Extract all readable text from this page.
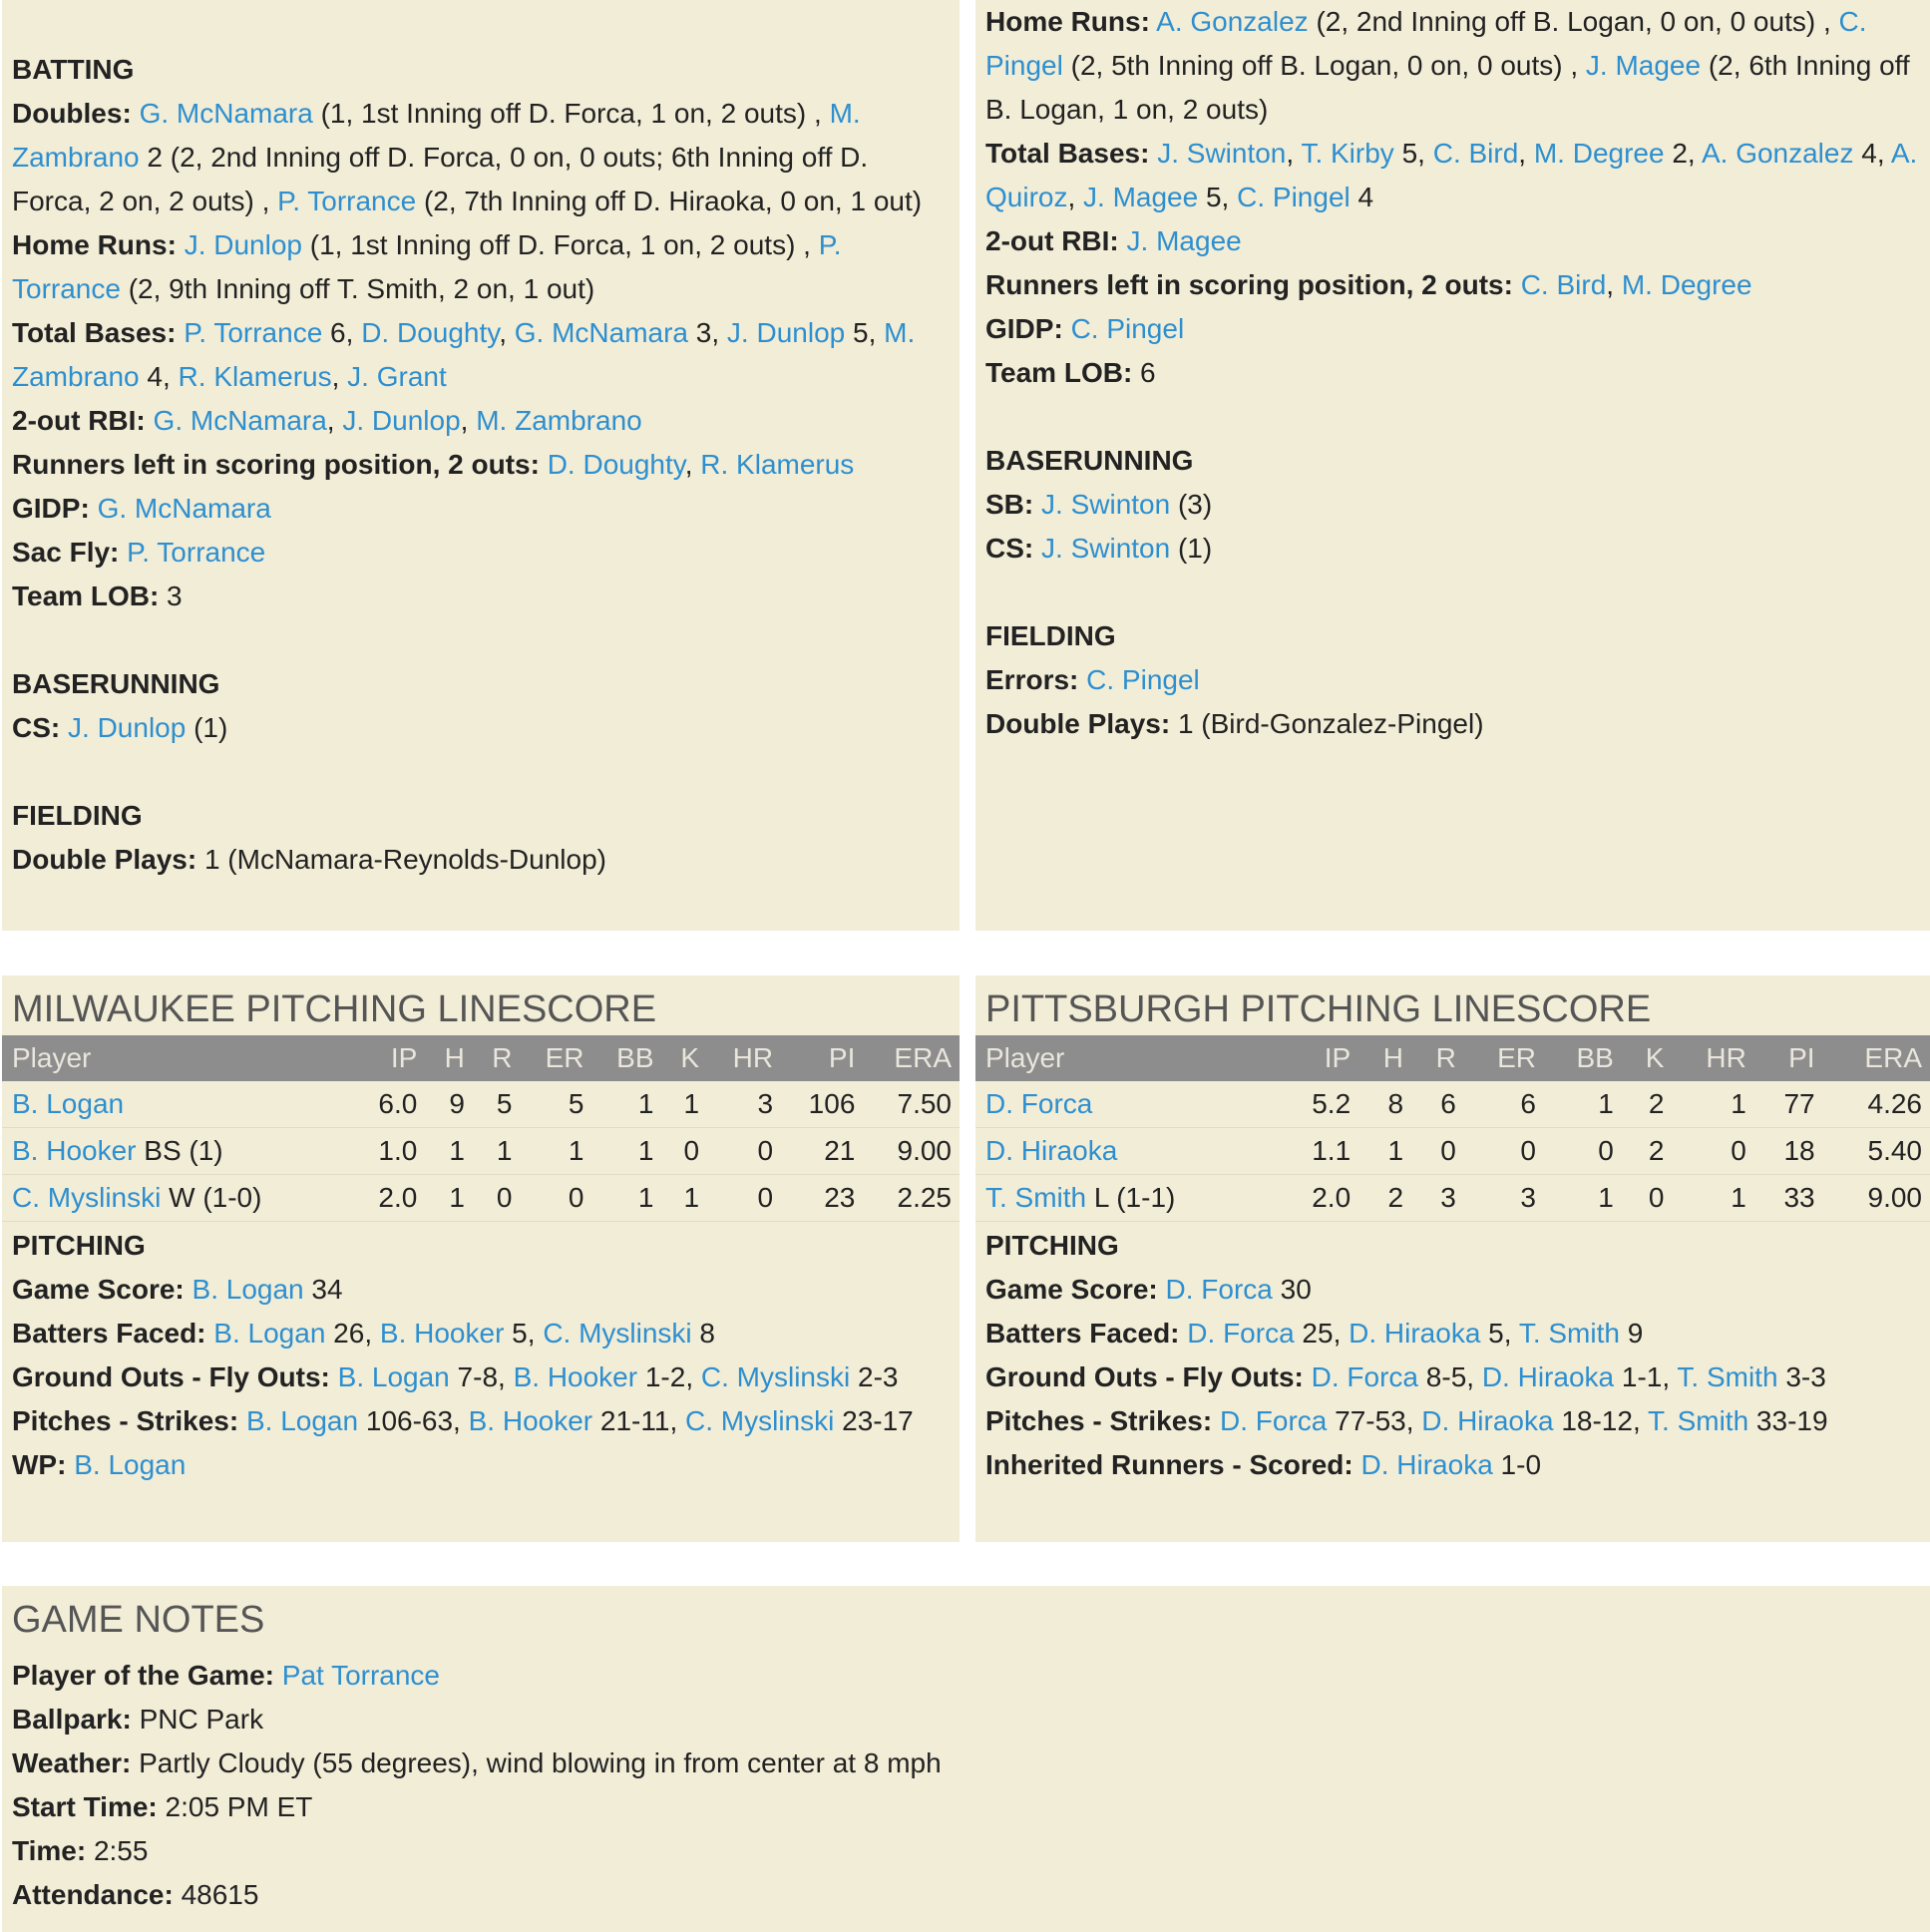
BATTING

Doubles: G. McNamara (1, 1st Inning off D. Forca, 1 on, 2 outs) , M. Zambrano 2 (2, 2nd Inning off D. Forca, 0 on, 0 outs; 6th Inning off D. Forca, 2 on, 2 outs) , P. Torrance (2, 7th Inning off D. Hiraoka, 0 on, 1 out)

Home Runs: J. Dunlop (1, 1st Inning off D. Forca, 1 on, 2 outs) , P. Torrance (2, 9th Inning off T. Smith, 2 on, 1 out)

Total Bases: P. Torrance 6, D. Doughty, G. McNamara 3, J. Dunlop 5, M. Zambrano 4, R. Klamerus, J. Grant

2-out RBI: G. McNamara, J. Dunlop, M. Zambrano

Runners left in scoring position, 2 outs: D. Doughty, R. Klamerus

GIDP: G. McNamara

Sac Fly: P. Torrance

Team LOB: 3

BASERUNNING

CS: J. Dunlop (1)

FIELDING

Double Plays: 1 (McNamara-Reynolds-Dunlop)

Home Runs: A. Gonzalez (2, 2nd Inning off B. Logan, 0 on, 0 outs) , C. Pingel (2, 5th Inning off B. Logan, 0 on, 0 outs) , J. Magee (2, 6th Inning off B. Logan, 1 on, 2 outs)

Total Bases: J. Swinton, T. Kirby 5, C. Bird, M. Degree 2, A. Gonzalez 4, A. Quiroz, J. Magee 5, C. Pingel 4

2-out RBI: J. Magee

Runners left in scoring position, 2 outs: C. Bird, M. Degree

GIDP: C. Pingel

Team LOB: 6

BASERUNNING

SB: J. Swinton (3)

CS: J. Swinton (1)

FIELDING

Errors: C. Pingel

Double Plays: 1 (Bird-Gonzalez-Pingel)

MILWAUKEE PITCHING LINESCORE
Player	IP	H	R	ER	BB	K	HR	PI	ERA
B. Logan	6.0	9	5	5	1	1	3	106	7.50
B. Hooker BS (1)	1.0	1	1	1	1	0	0	21	9.00
C. Myslinski W (1-0)	2.0	1	0	0	1	1	0	23	2.25

PITCHING

Game Score: B. Logan 34

Batters Faced: B. Logan 26, B. Hooker 5, C. Myslinski 8

Ground Outs - Fly Outs: B. Logan 7-8, B. Hooker 1-2, C. Myslinski 2-3

Pitches - Strikes: B. Logan 106-63, B. Hooker 21-11, C. Myslinski 23-17

WP: B. Logan

PITTSBURGH PITCHING LINESCORE
Player	IP	H	R	ER	BB	K	HR	PI	ERA
D. Forca	5.2	8	6	6	1	2	1	77	4.26
D. Hiraoka	1.1	1	0	0	0	2	0	18	5.40
T. Smith L (1-1)	2.0	2	3	3	1	0	1	33	9.00

PITCHING

Game Score: D. Forca 30

Batters Faced: D. Forca 25, D. Hiraoka 5, T. Smith 9

Ground Outs - Fly Outs: D. Forca 8-5, D. Hiraoka 1-1, T. Smith 3-3

Pitches - Strikes: D. Forca 77-53, D. Hiraoka 18-12, T. Smith 33-19

Inherited Runners - Scored: D. Hiraoka 1-0

GAME NOTES

Player of the Game: Pat Torrance

Ballpark: PNC Park

Weather: Partly Cloudy (55 degrees), wind blowing in from center at 8 mph

Start Time: 2:05 PM ET

Time: 2:55

Attendance: 48615
